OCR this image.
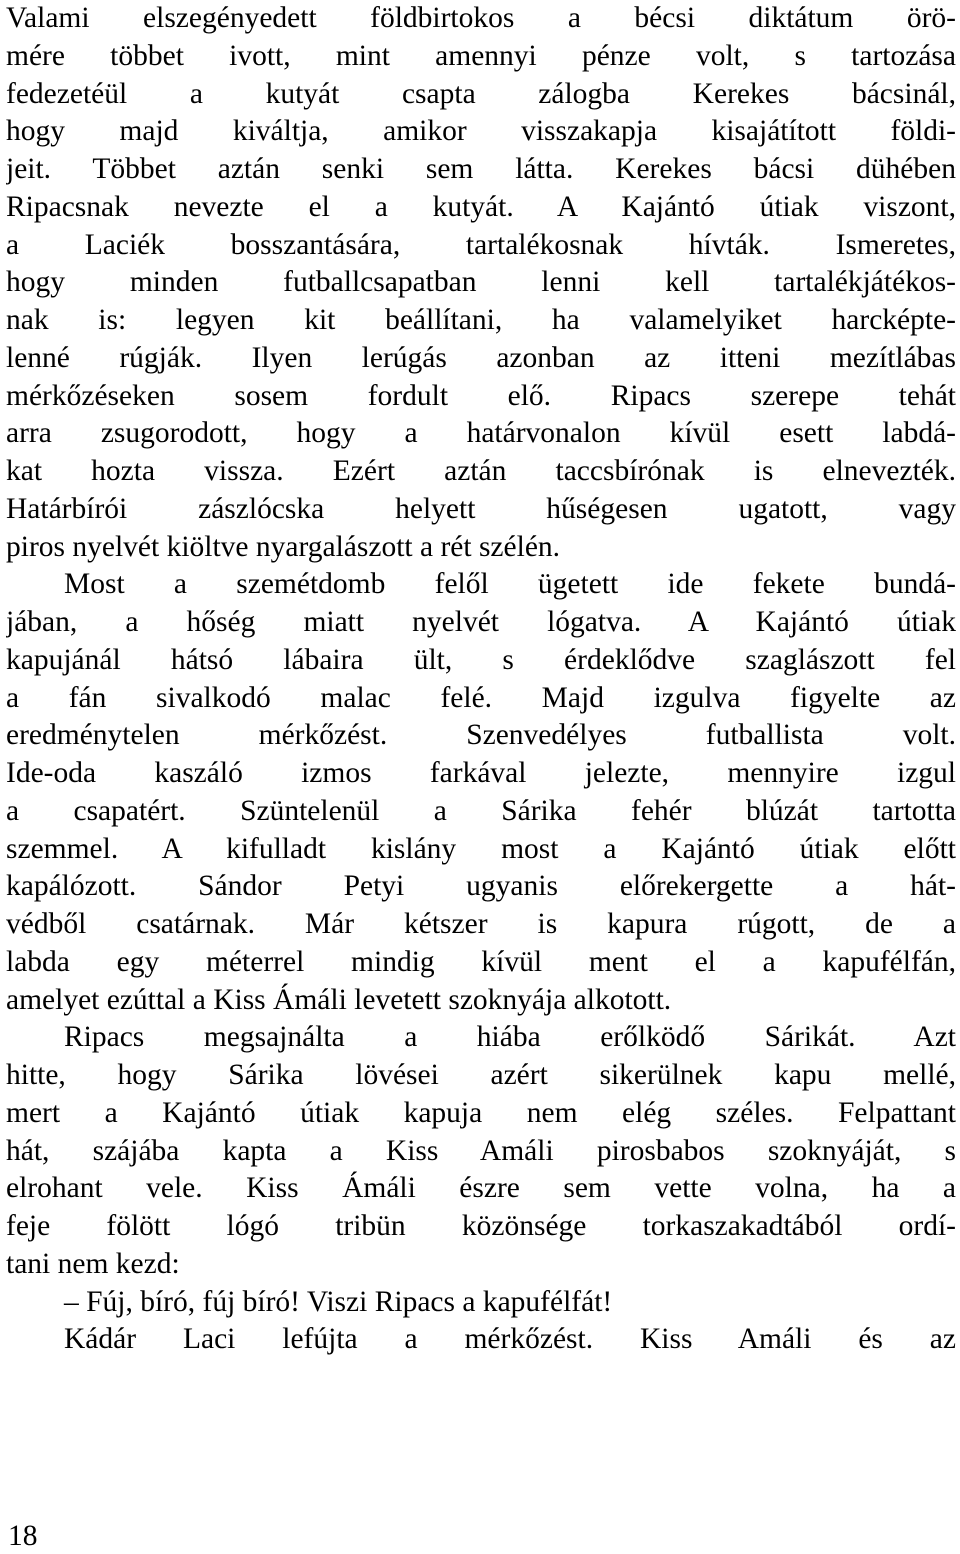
Valami elszegényedett földbirtokos a bécsi diktátum örö-
mére többet ivott, mint amennyi pénze volt, s tartozása
fedezetéül a kutyát csapta zálogba Kerekes bácsinál,
hogy majd kiváltja, amikor visszakapja kisajátított földi-
jeit. Többet aztán senki sem látta. Kerekes bácsi dühében
Ripacsnak nevezte el a kutyát. A Kajántó útiak viszont,
a Laciék bosszantására, tartalékosnak hívták. Ismeretes,
hogy minden futballcsapatban lenni kell tartalékjátékos-
nak is: legyen kit beállítani, ha valamelyiket harcképte-
lenné rúgják. Ilyen lerúgás azonban az itteni mezítlábas
mérkőzéseken sosem fordult elő. Ripacs szerepe tehát
arra zsugorodott, hogy a határvonalon kívül esett labdá-
kat hozta vissza. Ezért aztán taccsbírónak is elnevezték.
Határbírói zászlócska helyett hűségesen ugatott, vagy
piros nyelvét kiöltve nyargalászott a rét szélén.
Most a szemétdomb felől ügetett ide fekete bundá-
jában, a hőség miatt nyelvét lógatva. A Kajántó útiak
kapujánál hátsó lábaira ült, s érdeklődve szaglászott fel
a fán sivalkodó malac felé. Majd izgulva figyelte az
eredménytelen mérkőzést. Szenvedélyes futballista volt.
Ide-oda kaszáló izmos farkával jelezte, mennyire izgul
a csapatért. Szüntelenül a Sárika fehér blúzát tartotta
szemmel. A kifulladt kislány most a Kajántó útiak előtt
kapálózott. Sándor Petyi ugyanis előrekergette a hát-
védből csatárnak. Már kétszer is kapura rúgott, de a
labda egy méterrel mindig kívül ment el a kapufélfán,
amelyet ezúttal a Kiss Ámáli levetett szoknyája alkotott.
Ripacs megsajnálta a hiába erőlködő Sárikát. Azt
hitte, hogy Sárika lövései azért sikerülnek kapu mellé,
mert a Kajántó útiak kapuja nem elég széles. Felpattant
hát, szájába kapta a Kiss Amáli pirosbabos szoknyáját, s
elrohant vele. Kiss Ámáli észre sem vette volna, ha a
feje fölött lógó tribün közönsége torkaszakadtából ordí-
tani nem kezd:
– Fúj, bíró, fúj bíró! Viszi Ripacs a kapufélfát!
Kádár Laci lefújta a mérkőzést. Kiss Amáli és az
18
